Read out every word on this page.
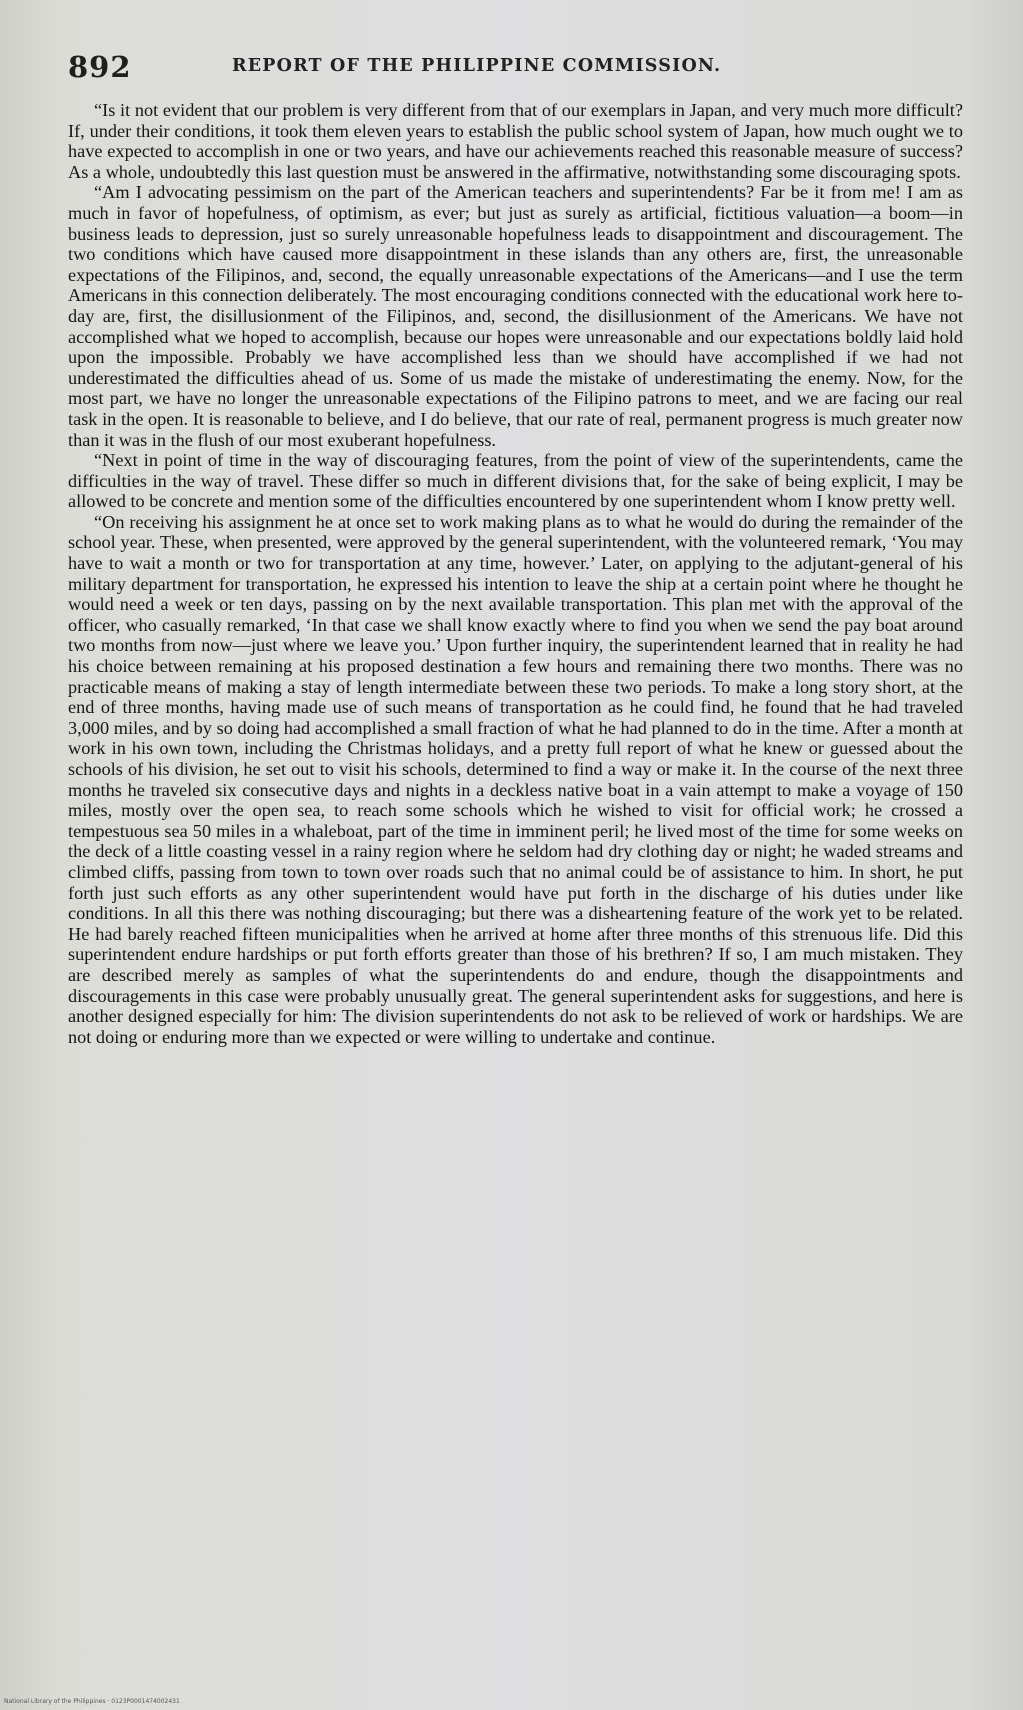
892	REPORT OF THE PHILIPPINE COMMISSION.

“Is it not evident that our problem is very different from that of our exemplars in Japan, and very much more difficult? If, under their conditions, it took them eleven years to establish the public school system of Japan, how much ought we to have expected to accomplish in one or two years, and have our achievements reached this reasonable measure of success? As a whole, undoubtedly this last question must be answered in the affirmative, notwithstanding some discouraging spots.

“Am I advocating pessimism on the part of the American teachers and superintendents? Far be it from me! I am as much in favor of hopefulness, of optimism, as ever; but just as surely as artificial, fictitious valuation—a boom—in business leads to depression, just so surely unreasonable hopefulness leads to disappointment and discouragement. The two conditions which have caused more disappointment in these islands than any others are, first, the unreasonable expectations of the Filipinos, and, second, the equally unreasonable expectations of the Americans—and I use the term Americans in this connection deliberately. The most encouraging conditions connected with the educational work here to-day are, first, the disillusionment of the Filipinos, and, second, the disillusionment of the Americans. We have not accomplished what we hoped to accomplish, because our hopes were unreasonable and our expectations boldly laid hold upon the impossible. Probably we have accomplished less than we should have accomplished if we had not underestimated the difficulties ahead of us. Some of us made the mistake of underestimating the enemy. Now, for the most part, we have no longer the unreasonable expectations of the Filipino patrons to meet, and we are facing our real task in the open. It is reasonable to believe, and I do believe, that our rate of real, permanent progress is much greater now than it was in the flush of our most exuberant hopefulness.

“Next in point of time in the way of discouraging features, from the point of view of the superintendents, came the difficulties in the way of travel. These differ so much in different divisions that, for the sake of being explicit, I may be allowed to be concrete and mention some of the difficulties encountered by one superintendent whom I know pretty well.

“On receiving his assignment he at once set to work making plans as to what he would do during the remainder of the school year. These, when presented, were approved by the general superintendent, with the volunteered remark, ‘You may have to wait a month or two for transportation at any time, however.’ Later, on applying to the adjutant-general of his military department for transportation, he expressed his intention to leave the ship at a certain point where he thought he would need a week or ten days, passing on by the next available transportation. This plan met with the approval of the officer, who casually remarked, ‘In that case we shall know exactly where to find you when we send the pay boat around two months from now—just where we leave you.’ Upon further inquiry, the superintendent learned that in reality he had his choice between remaining at his proposed destination a few hours and remaining there two months. There was no practicable means of making a stay of length intermediate between these two periods. To make a long story short, at the end of three months, having made use of such means of transportation as he could find, he found that he had traveled 3,000 miles, and by so doing had accomplished a small fraction of what he had planned to do in the time. After a month at work in his own town, including the Christmas holidays, and a pretty full report of what he knew or guessed about the schools of his division, he set out to visit his schools, determined to find a way or make it. In the course of the next three months he traveled six consecutive days and nights in a deckless native boat in a vain attempt to make a voyage of 150 miles, mostly over the open sea, to reach some schools which he wished to visit for official work; he crossed a tempestuous sea 50 miles in a whaleboat, part of the time in imminent peril; he lived most of the time for some weeks on the deck of a little coasting vessel in a rainy region where he seldom had dry clothing day or night; he waded streams and climbed cliffs, passing from town to town over roads such that no animal could be of assistance to him. In short, he put forth just such efforts as any other superintendent would have put forth in the discharge of his duties under like conditions. In all this there was nothing discouraging; but there was a disheartening feature of the work yet to be related. He had barely reached fifteen municipalities when he arrived at home after three months of this strenuous life. Did this superintendent endure hardships or put forth efforts greater than those of his brethren? If so, I am much mistaken. They are described merely as samples of what the superintendents do and endure, though the disappointments and discouragements in this case were probably unusually great. The general superintendent asks for suggestions, and here is another designed especially for him: The division superintendents do not ask to be relieved of work or hardships. We are not doing or enduring more than we expected or were willing to undertake and continue.

National Library of the Philippines · 0123P0001474002431
